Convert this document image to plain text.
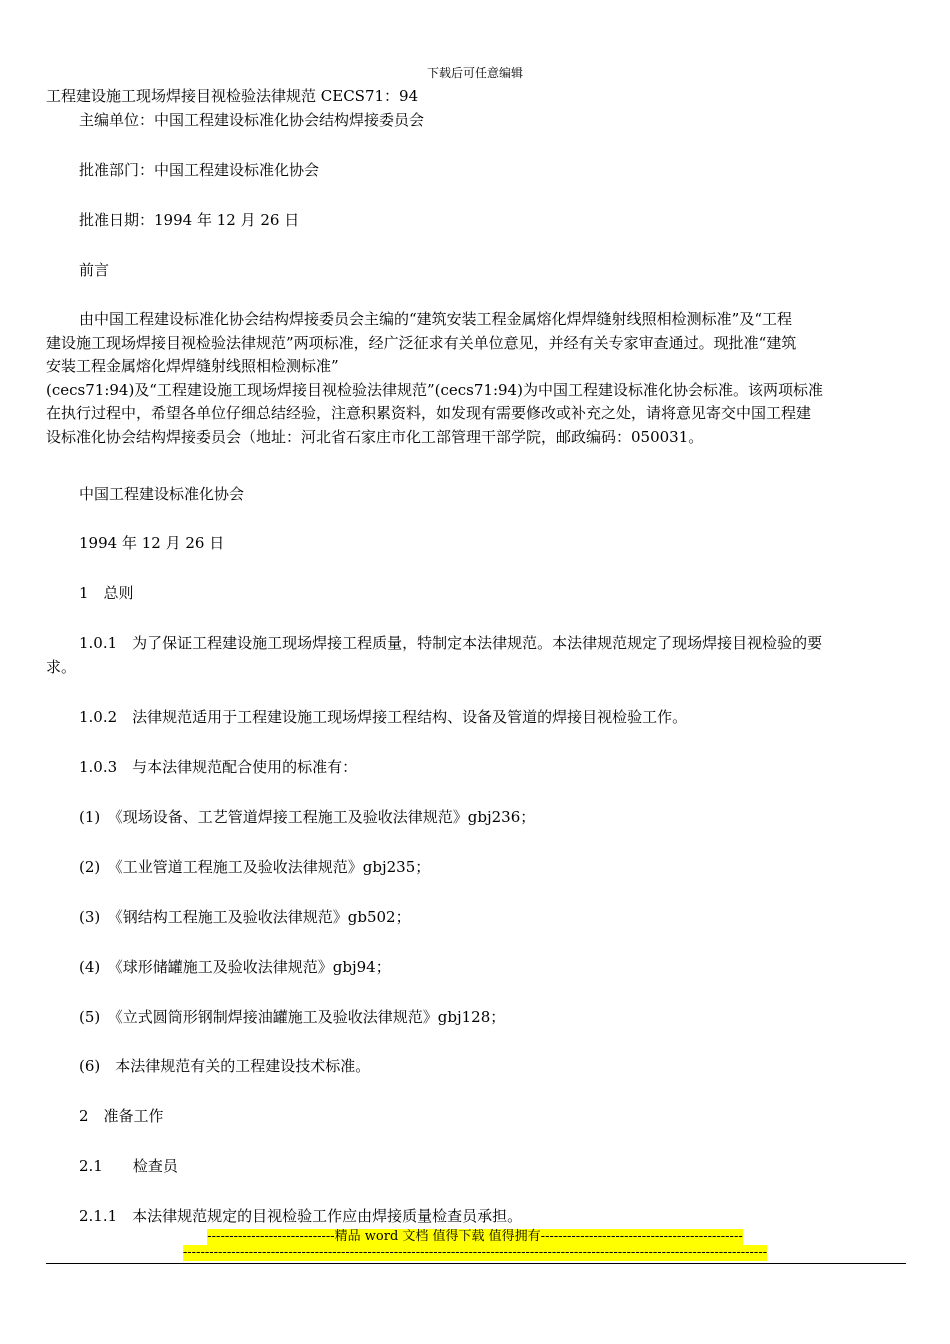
下载后可任意编辑
工程建设施工现场焊接目视检验法律规范 CECS71：94
主编单位：中国工程建设标准化协会结构焊接委员会
批准部门：中国工程建设标准化协会
批准日期：1994 年 12 月 26 日
前言
由中国工程建设标准化协会结构焊接委员会主编的“建筑安装工程金属熔化焊焊缝射线照相检测标准”及“工程
建设施工现场焊接目视检验法律规范”两项标准，经广泛征求有关单位意见，并经有关专家审查通过。现批准“建筑
安装工程金属熔化焊焊缝射线照相检测标准”
(cecs71:94)及“工程建设施工现场焊接目视检验法律规范”(cecs71:94)为中国工程建设标准化协会标准。该两项标准
在执行过程中，希望各单位仔细总结经验，注意积累资料，如发现有需要修改或补充之处，请将意见寄交中国工程建
设标准化协会结构焊接委员会（地址：河北省石家庄市化工部管理干部学院，邮政编码：050031。
中国工程建设标准化协会
1994 年 12 月 26 日
1　总则
1.0.1　为了保证工程建设施工现场焊接工程质量，特制定本法律规范。本法律规范规定了现场焊接目视检验的要
求。
1.0.2　法律规范适用于工程建设施工现场焊接工程结构、设备及管道的焊接目视检验工作。
1.0.3　与本法律规范配合使用的标准有：
(1)　《现场设备、工艺管道焊接工程施工及验收法律规范》gbj236；
(2)　《工业管道工程施工及验收法律规范》gbj235；
(3)　《钢结构工程施工及验收法律规范》gb502；
(4)　《球形储罐施工及验收法律规范》gbj94；
(5)　《立式圆筒形钢制焊接油罐施工及验收法律规范》gbj128；
(6)　本法律规范有关的工程建设技术标准。
2　准备工作
2.1　　检查员
2.1.1　本法律规范规定的目视检验工作应由焊接质量检查员承担。
-----------------------------精品 word 文档 值得下载 值得拥有----------------------------------------------
-------------------------------------------------------------------------------------------------------------------------------------
